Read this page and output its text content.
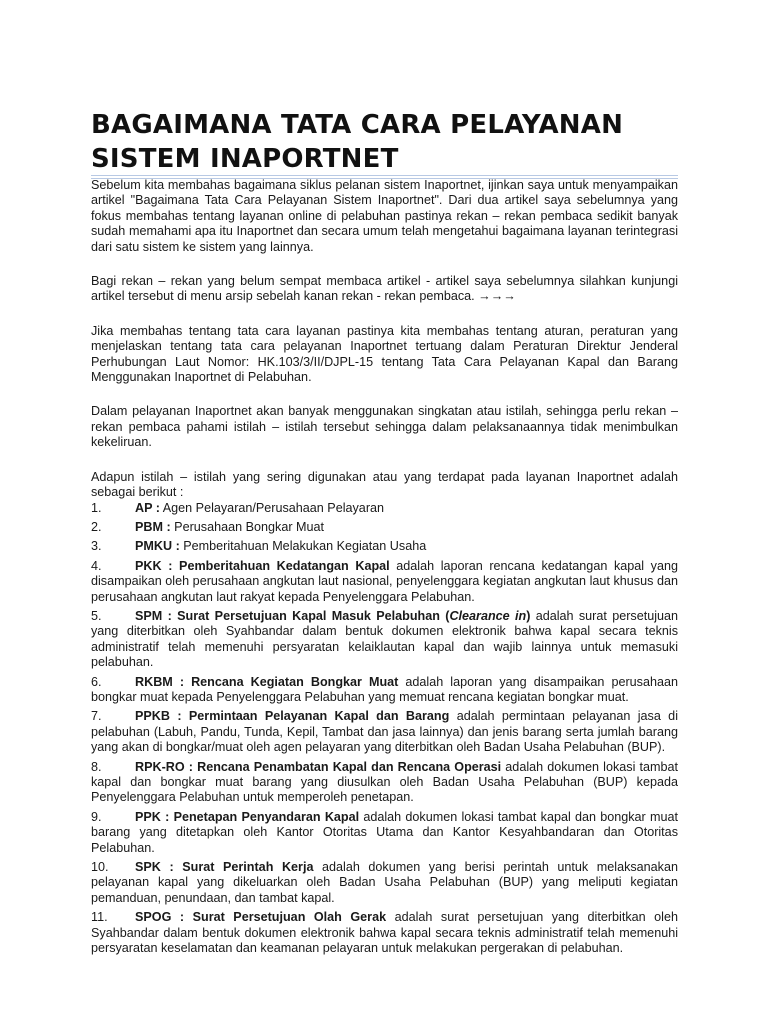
BAGAIMANA TATA CARA PELAYANAN SISTEM INAPORTNET

Sebelum kita membahas bagaimana siklus pelanan sistem Inaportnet, ijinkan saya untuk menyampaikan artikel "Bagaimana Tata Cara Pelayanan Sistem Inaportnet". Dari dua artikel saya sebelumnya yang fokus membahas tentang layanan online di pelabuhan pastinya rekan – rekan pembaca sedikit banyak sudah memahami apa itu Inaportnet dan secara umum telah mengetahui bagaimana layanan terintegrasi dari satu sistem ke sistem yang lainnya.

Bagi rekan – rekan yang belum sempat membaca artikel - artikel saya sebelumnya silahkan kunjungi artikel tersebut di menu arsip sebelah kanan rekan - rekan pembaca. →→→

Jika membahas tentang tata cara layanan pastinya kita membahas tentang aturan, peraturan yang menjelaskan tentang tata cara pelayanan Inaportnet tertuang dalam Peraturan Direktur Jenderal Perhubungan Laut Nomor: HK.103/3/II/DJPL-15 tentang Tata Cara Pelayanan Kapal dan Barang Menggunakan Inaportnet di Pelabuhan.

Dalam pelayanan Inaportnet akan banyak menggunakan singkatan atau istilah, sehingga perlu rekan – rekan pembaca pahami istilah – istilah tersebut sehingga dalam pelaksanaannya tidak menimbulkan kekeliruan.

Adapun istilah – istilah yang sering digunakan atau yang terdapat pada layanan Inaportnet adalah sebagai berikut :

1.	AP : Agen Pelayaran/Perusahaan Pelayaran
2.	PBM : Perusahaan Bongkar Muat
3.	PMKU : Pemberitahuan Melakukan Kegiatan Usaha
4.	PKK : Pemberitahuan Kedatangan Kapal adalah laporan rencana kedatangan kapal yang disampaikan oleh perusahaan angkutan laut nasional, penyelenggara kegiatan angkutan laut khusus dan perusahaan angkutan laut rakyat kepada Penyelenggara Pelabuhan.
5.	SPM : Surat Persetujuan Kapal Masuk Pelabuhan (Clearance in) adalah surat persetujuan yang diterbitkan oleh Syahbandar dalam bentuk dokumen elektronik bahwa kapal secara teknis administratif telah memenuhi persyaratan kelaiklautan kapal dan wajib lainnya untuk memasuki pelabuhan.
6.	RKBM : Rencana Kegiatan Bongkar Muat adalah laporan yang disampaikan perusahaan bongkar muat kepada Penyelenggara Pelabuhan yang memuat rencana kegiatan bongkar muat.
7.	PPKB : Permintaan Pelayanan Kapal dan Barang adalah permintaan pelayanan jasa di pelabuhan (Labuh, Pandu, Tunda, Kepil, Tambat dan jasa lainnya) dan jenis barang serta jumlah barang yang akan di bongkar/muat oleh agen pelayaran yang diterbitkan oleh Badan Usaha Pelabuhan (BUP).
8.	RPK-RO : Rencana Penambatan Kapal dan Rencana Operasi adalah dokumen lokasi tambat kapal dan bongkar muat barang yang diusulkan oleh Badan Usaha Pelabuhan (BUP) kepada Penyelenggara Pelabuhan untuk memperoleh penetapan.
9.	PPK : Penetapan Penyandaran Kapal adalah dokumen lokasi tambat kapal dan bongkar muat barang yang ditetapkan oleh Kantor Otoritas Utama dan Kantor Kesyahbandaran dan Otoritas Pelabuhan.
10. SPK : Surat Perintah Kerja adalah dokumen yang berisi perintah untuk melaksanakan pelayanan kapal yang dikeluarkan oleh Badan Usaha Pelabuhan (BUP) yang meliputi kegiatan pemanduan, penundaan, dan tambat kapal.
11. SPOG : Surat Persetujuan Olah Gerak adalah surat persetujuan yang diterbitkan oleh Syahbandar dalam bentuk dokumen elektronik bahwa kapal secara teknis administratif telah memenuhi persyaratan keselamatan dan keamanan pelayaran untuk melakukan pergerakan di pelabuhan.
